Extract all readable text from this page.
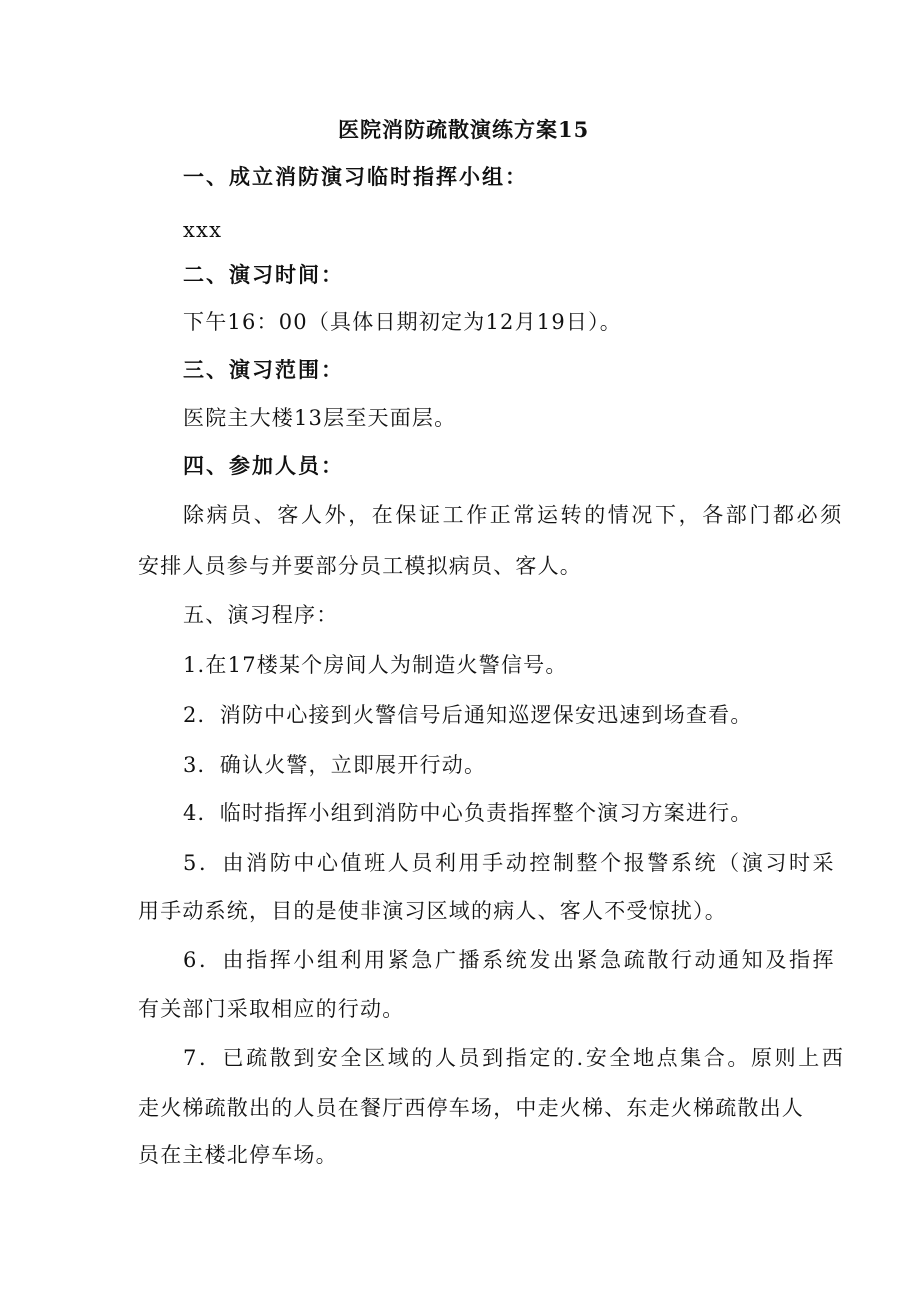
医院消防疏散演练方案15
一、成立消防演习临时指挥小组：
xxx
二、演习时间：
下午16：00（具体日期初定为12月19日）。
三、演习范围：
医院主大楼13层至天面层。
四、参加人员：
除病员、客人外，在保证工作正常运转的情况下，各部门都必须
安排人员参与并要部分员工模拟病员、客人。
五、演习程序：
1.在17楼某个房间人为制造火警信号。
2．消防中心接到火警信号后通知巡逻保安迅速到场查看。
3．确认火警，立即展开行动。
4．临时指挥小组到消防中心负责指挥整个演习方案进行。
5．由消防中心值班人员利用手动控制整个报警系统（演习时采
用手动系统，目的是使非演习区域的病人、客人不受惊扰）。
6．由指挥小组利用紧急广播系统发出紧急疏散行动通知及指挥
有关部门采取相应的行动。
7．已疏散到安全区域的人员到指定的.安全地点集合。原则上西
走火梯疏散出的人员在餐厅西停车场，中走火梯、东走火梯疏散出人
员在主楼北停车场。
